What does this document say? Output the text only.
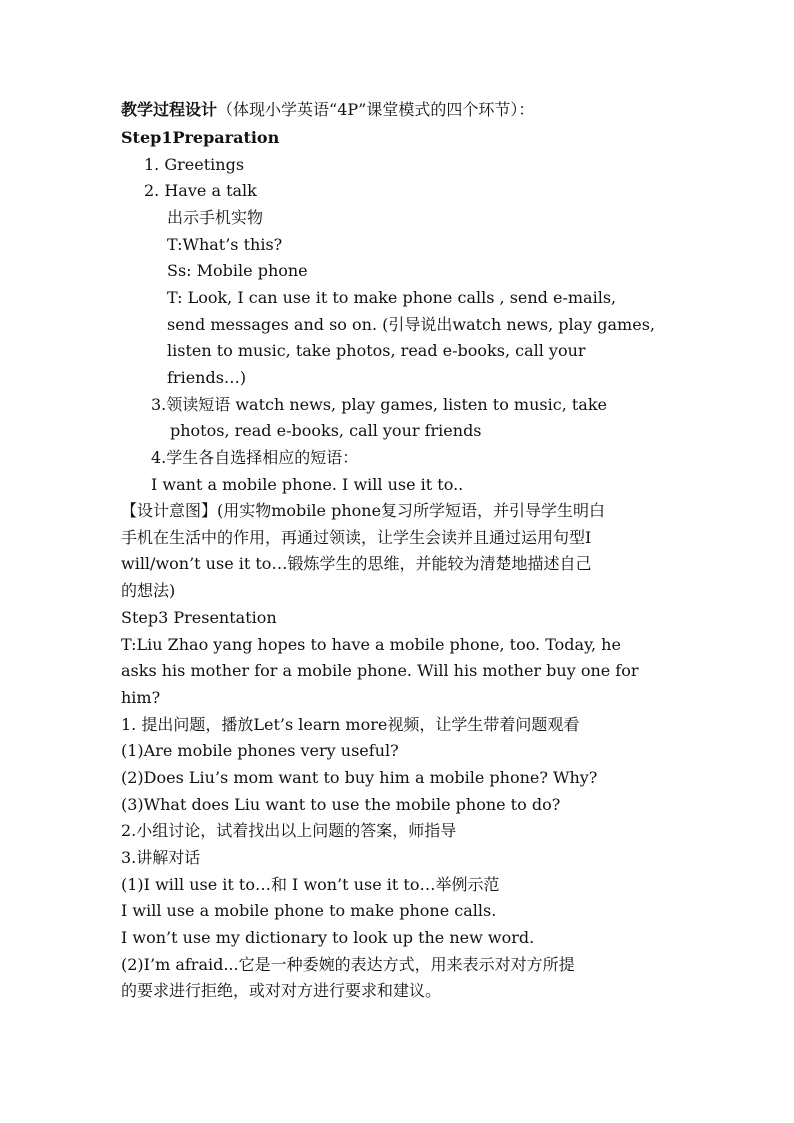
教学过程设计（体现小学英语“4P”课堂模式的四个环节）：
Step1Preparation
1. Greetings
2. Have a talk
出示手机实物
T:What’s this?
Ss: Mobile phone
T: Look, I can use it to make phone calls , send e-mails,
send messages and so on. (引导说出watch news, play games,
listen to music, take photos, read e-books, call your
friends…)
3.领读短语 watch news, play games, listen to music, take
photos, read e-books, call your friends
4.学生各自选择相应的短语：
I want a mobile phone. I will use it to..
【设计意图】(用实物mobile phone复习所学短语，并引导学生明白
手机在生活中的作用，再通过领读，让学生会读并且通过运用句型I
will/won’t use it to…锻炼学生的思维，并能较为清楚地描述自己
的想法)
Step3 Presentation
T:Liu Zhao yang hopes to have a mobile phone, too. Today, he
asks his mother for a mobile phone. Will his mother buy one for
him?
1. 提出问题，播放Let’s learn more视频，让学生带着问题观看
(1)Are mobile phones very useful?
(2)Does Liu’s mom want to buy him a mobile phone? Why?
(3)What does Liu want to use the mobile phone to do?
2.小组讨论，试着找出以上问题的答案，师指导
3.讲解对话
(1)I will use it to…和 I won’t use it to…举例示范
I will use a mobile phone to make phone calls.
I won’t use my dictionary to look up the new word.
(2)I’m afraid...它是一种委婉的表达方式，用来表示对对方所提
的要求进行拒绝，或对对方进行要求和建议。
